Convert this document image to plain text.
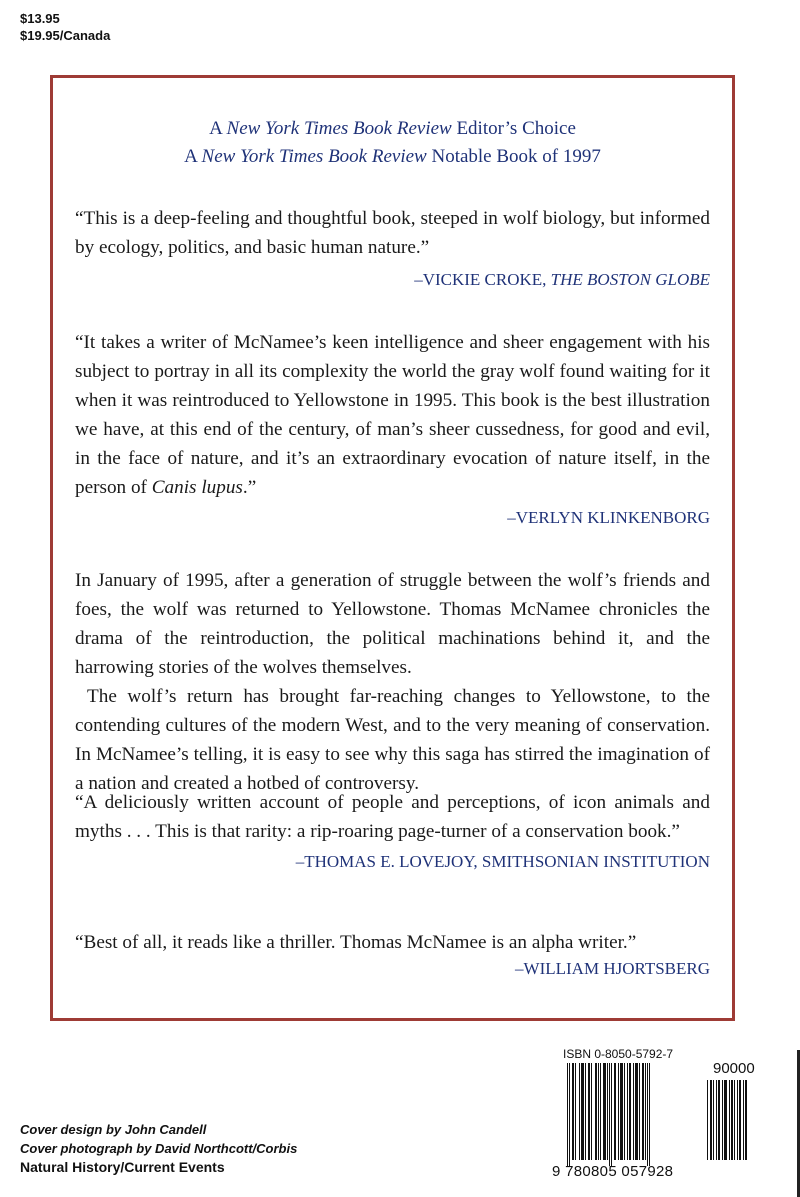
$13.95
$19.95/Canada
A New York Times Book Review Editor’s Choice
A New York Times Book Review Notable Book of 1997

“This is a deep-feeling and thoughtful book, steeped in wolf biology, but informed by ecology, politics, and basic human nature.”

–VICKIE CROKE, THE BOSTON GLOBE

“It takes a writer of McNamee’s keen intelligence and sheer engagement with his subject to portray in all its complexity the world the gray wolf found waiting for it when it was reintroduced to Yellowstone in 1995. This book is the best illustration we have, at this end of the century, of man’s sheer cussedness, for good and evil, in the face of nature, and it’s an extraordinary evocation of nature itself, in the person of Canis lupus.”

–VERLYN KLINKENBORG

In January of 1995, after a generation of struggle between the wolf’s friends and foes, the wolf was returned to Yellowstone. Thomas McNamee chronicles the drama of the reintroduction, the political machinations behind it, and the harrowing stories of the wolves themselves.

The wolf’s return has brought far-reaching changes to Yellowstone, to the contending cultures of the modern West, and to the very meaning of conservation. In McNamee’s telling, it is easy to see why this saga has stirred the imagination of a nation and created a hotbed of controversy.

“A deliciously written account of people and perceptions, of icon animals and myths . . . This is that rarity: a rip-roaring page-turner of a conservation book.”

–THOMAS E. LOVEJOY, SMITHSONIAN INSTITUTION

“Best of all, it reads like a thriller. Thomas McNamee is an alpha writer.”

–WILLIAM HJORTSBERG
Cover design by John Candell
Cover photograph by David Northcott/Corbis
Natural History/Current Events
ISBN 0-8050-5792-7
9 780805 057928
90000
